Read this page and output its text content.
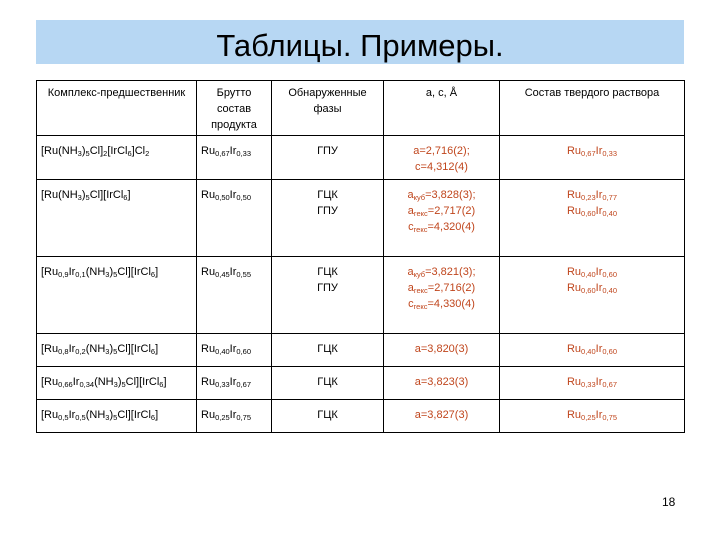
Таблицы. Примеры.
Комплекс-предшественник	Брутто состав продукта	Обнаруженные фазы	a, c, Å	Состав твердого раствора
$[Ru(NH_3)_5Cl]_2[IrCl_6]Cl_2$	$Ru_{0,67}Ir_{0,33}$	ГПУ	a=2,716(2);
c=4,312(4)	$Ru_{0,67}Ir_{0,33}$

$[Ru(NH_3)_5Cl][IrCl_6]$	$Ru_{0,50}Ir_{0,50}$	ГЦК
ГПУ	$a_{куб}=3,828(3)$;
$a_{гекс}=2,717(2)$
$c_{гекс}=4,320(4)$	$Ru_{0,23}Ir_{0,77}$
$Ru_{0,60}Ir_{0,40}$

$[Ru_{0,9}Ir_{0,1}(NH_3)_5Cl][IrCl_6]$	$Ru_{0,45}Ir_{0,55}$	ГЦК
ГПУ	$a_{куб}=3,821(3)$;
$a_{гекс}=2,716(2)$
$c_{гекс}=4,330(4)$	$Ru_{0,40}Ir_{0,60}$
$Ru_{0,60}Ir_{0,40}$

$[Ru_{0,8}Ir_{0,2}(NH_3)_5Cl][IrCl_6]$	$Ru_{0,40}Ir_{0,60}$	ГЦК	a=3,820(3)	$Ru_{0,40}Ir_{0,60}$

$[Ru_{0,66}Ir_{0,34}(NH_3)_5Cl][IrCl_6]$	$Ru_{0,33}Ir_{0,67}$	ГЦК	a=3,823(3)	$Ru_{0,33}Ir_{0,67}$

$[Ru_{0,5}Ir_{0,5}(NH_3)_5Cl][IrCl_6]$	$Ru_{0,25}Ir_{0,75}$	ГЦК	a=3,827(3)	$Ru_{0,25}Ir_{0,75}$
18
